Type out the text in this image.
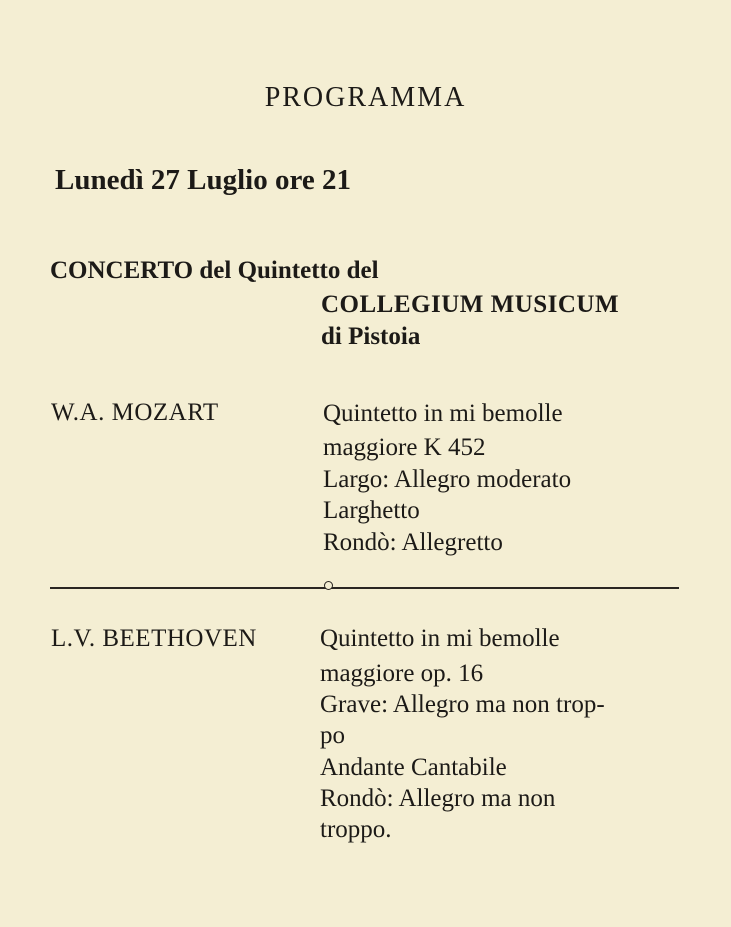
PROGRAMMA
Lunedì 27 Luglio ore 21
CONCERTO del Quintetto del
COLLEGIUM MUSICUM
di Pistoia
W.A. MOZART	Quintetto in mi bemolle
maggiore K 452
Largo: Allegro moderato
Larghetto
Rondò: Allegretto
L.V. BEETHOVEN	Quintetto in mi bemolle
maggiore op. 16
Grave: Allegro ma non trop-
po
Andante Cantabile
Rondò: Allegro ma non
troppo.
